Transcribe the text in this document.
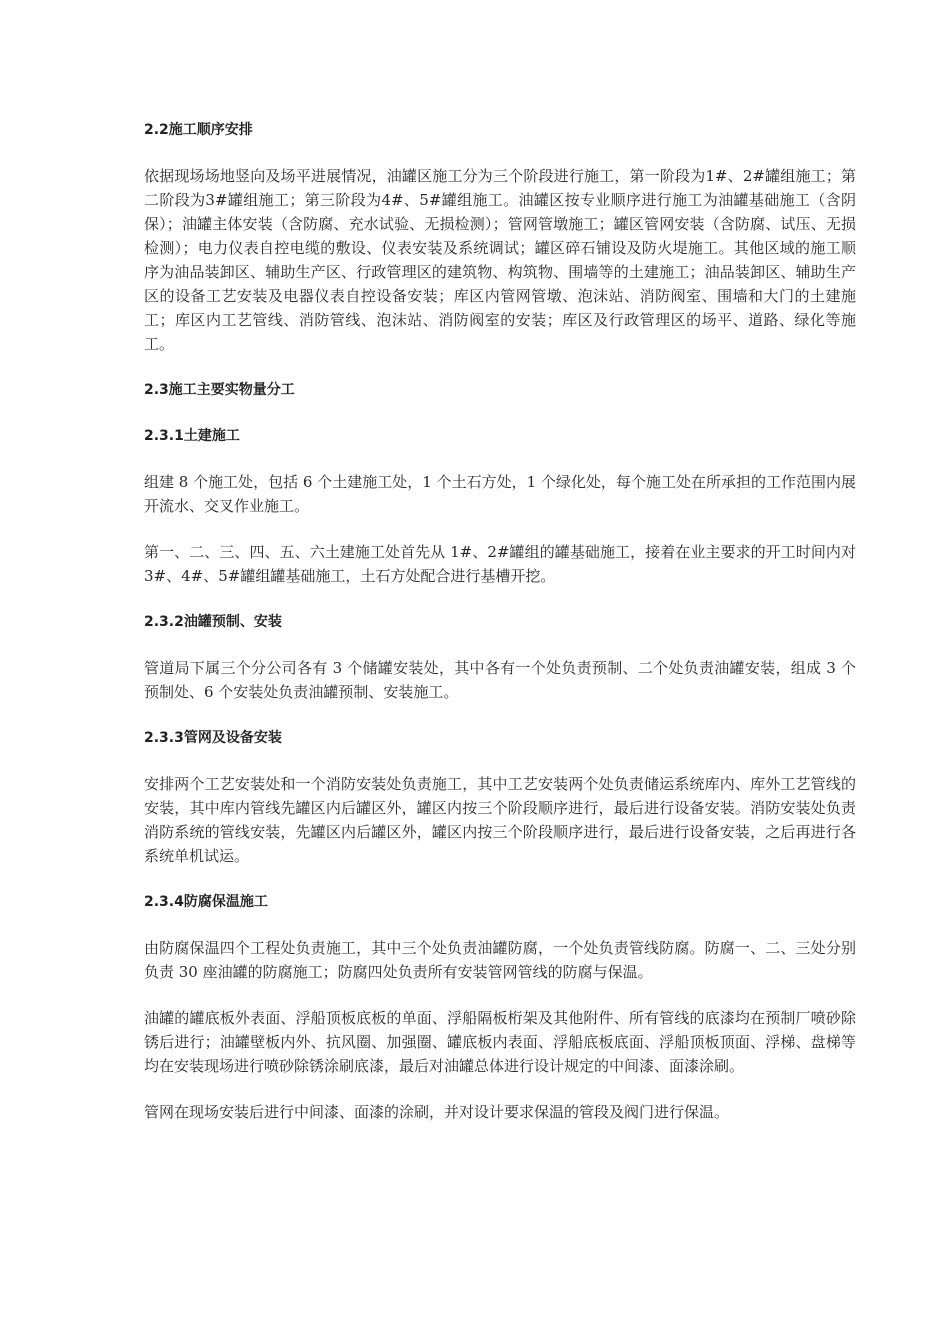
2.2施工顺序安排
依据现场场地竖向及场平进展情况，油罐区施工分为三个阶段进行施工，第一阶段为1#、2#罐组施工；第二阶段为3#罐组施工；第三阶段为4#、5#罐组施工。油罐区按专业顺序进行施工为油罐基础施工（含阴保）；油罐主体安装（含防腐、充水试验、无损检测）；管网管墩施工；罐区管网安装（含防腐、试压、无损检测）；电力仪表自控电缆的敷设、仪表安装及系统调试；罐区碎石铺设及防火堤施工。其他区域的施工顺序为油品装卸区、辅助生产区、行政管理区的建筑物、构筑物、围墙等的土建施工；油品装卸区、辅助生产区的设备工艺安装及电器仪表自控设备安装；库区内管网管墩、泡沫站、消防阀室、围墙和大门的土建施工；库区内工艺管线、消防管线、泡沫站、消防阀室的安装；库区及行政管理区的场平、道路、绿化等施工。
2.3施工主要实物量分工
2.3.1土建施工
组建 8 个施工处，包括 6 个土建施工处，1 个土石方处，1 个绿化处，每个施工处在所承担的工作范围内展开流水、交叉作业施工。
第一、二、三、四、五、六土建施工处首先从 1#、2#罐组的罐基础施工，接着在业主要求的开工时间内对 3#、4#、5#罐组罐基础施工，土石方处配合进行基槽开挖。
2.3.2油罐预制、安装
管道局下属三个分公司各有 3 个储罐安装处，其中各有一个处负责预制、二个处负责油罐安装，组成 3 个预制处、6 个安装处负责油罐预制、安装施工。
2.3.3管网及设备安装
安排两个工艺安装处和一个消防安装处负责施工，其中工艺安装两个处负责储运系统库内、库外工艺管线的安装，其中库内管线先罐区内后罐区外，罐区内按三个阶段顺序进行，最后进行设备安装。消防安装处负责消防系统的管线安装，先罐区内后罐区外，罐区内按三个阶段顺序进行，最后进行设备安装，之后再进行各系统单机试运。
2.3.4防腐保温施工
由防腐保温四个工程处负责施工，其中三个处负责油罐防腐，一个处负责管线防腐。防腐一、二、三处分别负责 30 座油罐的防腐施工；防腐四处负责所有安装管网管线的防腐与保温。
油罐的罐底板外表面、浮船顶板底板的单面、浮船隔板桁架及其他附件、所有管线的底漆均在预制厂喷砂除锈后进行；油罐壁板内外、抗风圈、加强圈、罐底板内表面、浮船底板底面、浮船顶板顶面、浮梯、盘梯等均在安装现场进行喷砂除锈涂刷底漆，最后对油罐总体进行设计规定的中间漆、面漆涂刷。
管网在现场安装后进行中间漆、面漆的涂刷，并对设计要求保温的管段及阀门进行保温。
